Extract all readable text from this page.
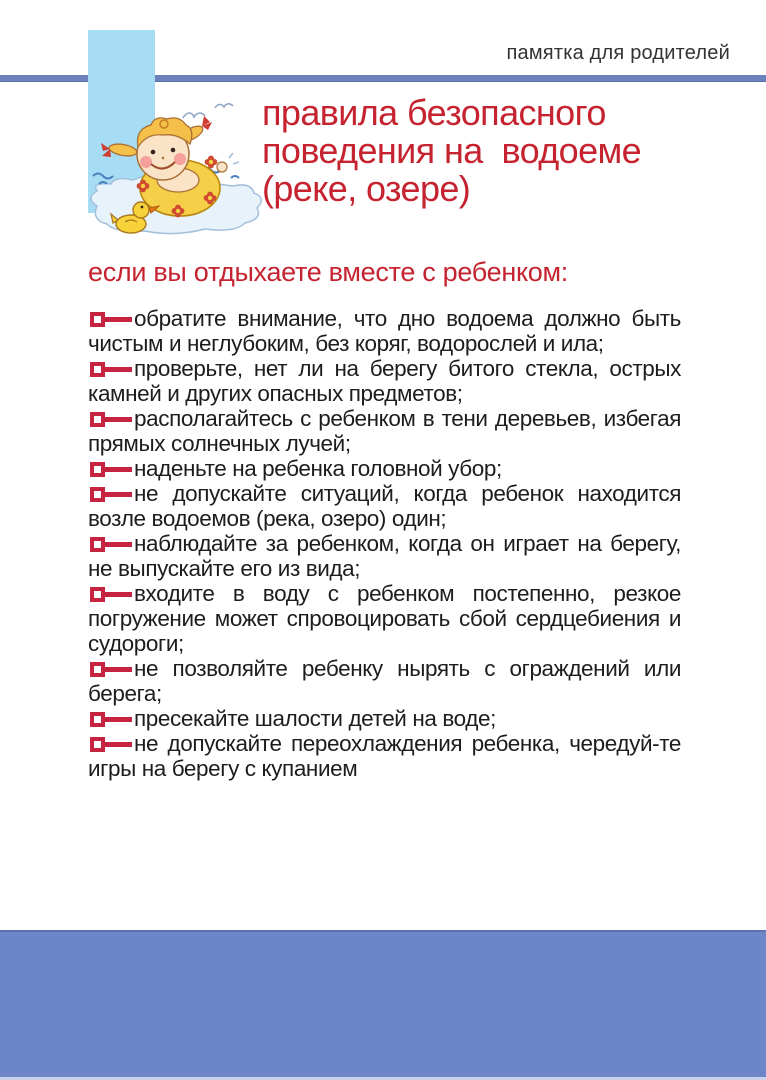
памятка для родителей
правила безопасного
поведения на  водоеме
(реке, озере)
если вы отдыхаете вместе с ребенком:
обратите внимание, что дно водоема должно быть чистым и неглубоким, без коряг, водорослей и ила;
проверьте, нет ли на берегу битого стекла, острых камней и других опасных предметов;
располагайтесь с ребенком в тени деревьев, избегая прямых солнечных лучей;
наденьте на ребенка головной убор;
не допускайте ситуаций, когда ребенок находится возле водоемов (река, озеро) один;
наблюдайте за ребенком, когда он играет на берегу, не выпускайте его из вида;
входите в воду с ребенком постепенно, резкое погружение может спровоцировать сбой сердцебиения и судороги;
не позволяйте ребенку нырять с ограждений или берега;
пресекайте шалости детей на воде;
не допускайте переохлаждения ребенка, чередуй-те игры на берегу с купанием
